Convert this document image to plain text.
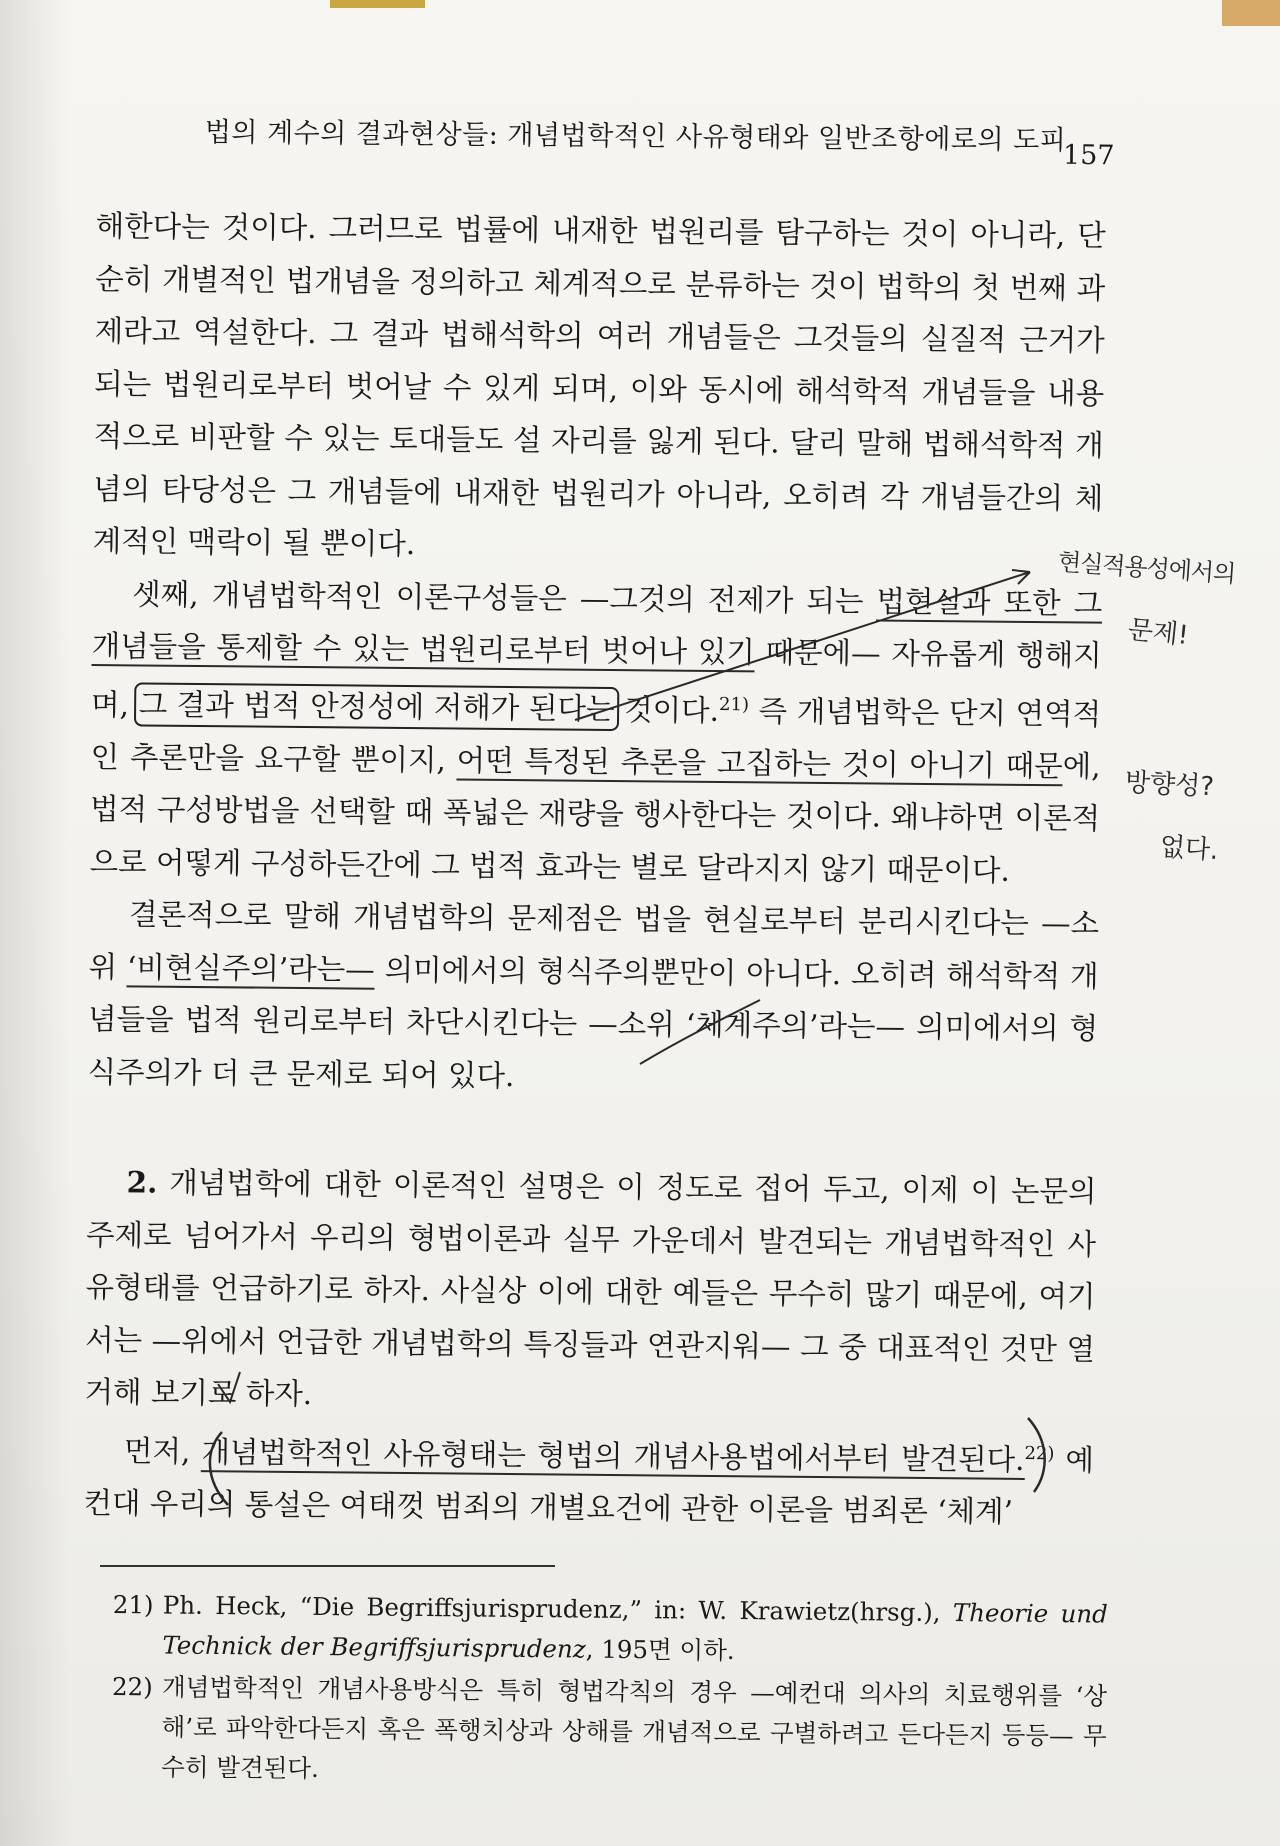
법의 계수의 결과현상들: 개념법학적인 사유형태와 일반조항에로의 도피
157

해한다는 것이다. 그러므로 법률에 내재한 법원리를 탐구하는 것이 아니라, 단순히 개별적인 법개념을 정의하고 체계적으로 분류하는 것이 법학의 첫 번째 과제라고 역설한다. 그 결과 법해석학의 여러 개념들은 그것들의 실질적 근거가 되는 법원리로부터 벗어날 수 있게 되며, 이와 동시에 해석학적 개념들을 내용적으로 비판할 수 있는 토대들도 설 자리를 잃게 된다. 달리 말해 법해석학적 개념의 타당성은 그 개념들에 내재한 법원리가 아니라, 오히려 각 개념들간의 체계적인 맥락이 될 뿐이다.

셋째, 개념법학적인 이론구성들은 —그것의 전제가 되는 법현실과 또한 그 개념들을 통제할 수 있는 법원리로부터 벗어나 있기 때문에— 자유롭게 행해지며, 그 결과 법적 안정성에 저해가 된다는 것이다.$^{21)}$ 즉 개념법학은 단지 연역적인 추론만을 요구할 뿐이지, 어떤 특정된 추론을 고집하는 것이 아니기 때문에, 법적 구성방법을 선택할 때 폭넓은 재량을 행사한다는 것이다. 왜냐하면 이론적으로 어떻게 구성하든간에 그 법적 효과는 별로 달라지지 않기 때문이다.

결론적으로 말해 개념법학의 문제점은 법을 현실로부터 분리시킨다는 —소위 ‘비현실주의’라는— 의미에서의 형식주의뿐만이 아니다. 오히려 해석학적 개념들을 법적 원리로부터 차단시킨다는 —소위 ‘체계주의’라는— 의미에서의 형식주의가 더 큰 문제로 되어 있다.

2. 개념법학에 대한 이론적인 설명은 이 정도로 접어 두고, 이제 이 논문의 주제로 넘어가서 우리의 형법이론과 실무 가운데서 발견되는 개념법학적인 사유형태를 언급하기로 하자. 사실상 이에 대한 예들은 무수히 많기 때문에, 여기서는 —위에서 언급한 개념법학의 특징들과 연관지워— 그 중 대표적인 것만 열거해 보기로 하자.

먼저, 개념법학적인 사유형태는 형법의 개념사용법에서부터 발견된다.$^{22)}$ 예컨대 우리의 통설은 여태껏 범죄의 개별요건에 관한 이론을 범죄론 ‘체계’

21) Ph. Heck, “Die Begriffsjurisprudenz,” in: W. Krawietz(hrsg.), Theorie und Technick der Begriffsjurisprudenz, 195면 이하.
22) 개념법학적인 개념사용방식은 특히 형법각칙의 경우 —예컨대 의사의 치료행위를 ‘상해’로 파악한다든지 혹은 폭행치상과 상해를 개념적으로 구별하려고 든다든지 등등— 무수히 발견된다.
현실적용성에서의
문제!
방향성?
없다.
